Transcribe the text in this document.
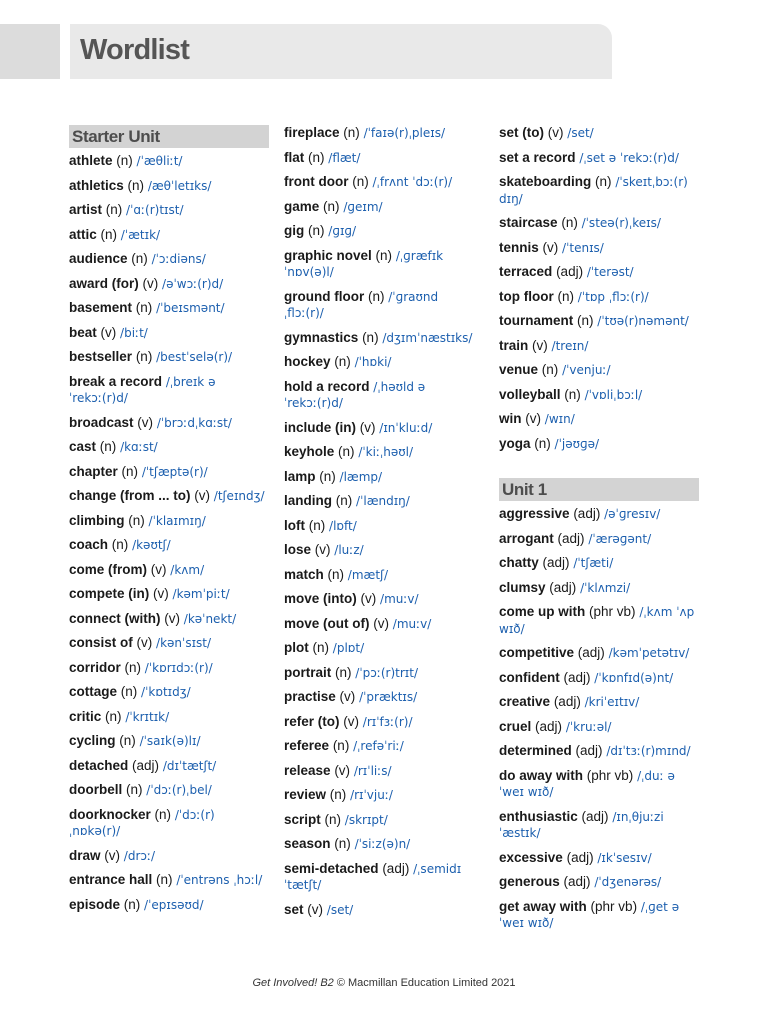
Wordlist
Starter Unit
athlete (n) /ˈæθliːt/
athletics (n) /æθˈletɪks/
artist (n) /ˈɑː(r)tɪst/
attic (n) /ˈætɪk/
audience (n) /ˈɔːdiəns/
award (for) (v) /əˈwɔː(r)d/
basement (n) /ˈbeɪsmənt/
beat (v) /biːt/
bestseller (n) /bestˈselə(r)/
break a record /ˌbreɪk ə ˈrekɔː(r)d/
broadcast (v) /ˈbrɔːdˌkɑːst/
cast (n) /kɑːst/
chapter (n) /ˈtʃæptə(r)/
change (from ... to) (v) /tʃeɪndʒ/
climbing (n) /ˈklaɪmɪŋ/
coach (n) /kəʊtʃ/
come (from) (v) /kʌm/
compete (in) (v) /kəmˈpiːt/
connect (with) (v) /kəˈnekt/
consist of (v) /kənˈsɪst/
corridor (n) /ˈkɒrɪdɔː(r)/
cottage (n) /ˈkɒtɪdʒ/
critic (n) /ˈkrɪtɪk/
cycling (n) /ˈsaɪk(ə)lɪ/
detached (adj) /dɪˈtætʃt/
doorbell (n) /ˈdɔː(r)ˌbel/
doorknocker (n) /ˈdɔː(r) ˌnɒkə(r)/
draw (v) /drɔː/
entrance hall (n) /ˈentrəns ˌhɔːl/
episode (n) /ˈepɪsəʊd/
fireplace (n) /ˈfaɪə(r)ˌpleɪs/
flat (n) /flæt/
front door (n) /ˌfrʌnt ˈdɔː(r)/
game (n) /ɡeɪm/
gig (n) /ɡɪɡ/
graphic novel (n) /ˌɡræfɪk ˈnɒv(ə)l/
ground floor (n) /ˈɡraʊnd ˌflɔː(r)/
gymnastics (n) /dʒɪmˈnæstɪks/
hockey (n) /ˈhɒki/
hold a record /ˌhəʊld ə ˈrekɔː(r)d/
include (in) (v) /ɪnˈkluːd/
keyhole (n) /ˈkiːˌhəʊl/
lamp (n) /læmp/
landing (n) /ˈlændɪŋ/
loft (n) /lɒft/
lose (v) /luːz/
match (n) /mætʃ/
move (into) (v) /muːv/
move (out of) (v) /muːv/
plot (n) /plɒt/
portrait (n) /ˈpɔː(r)trɪt/
practise (v) /ˈpræktɪs/
refer (to) (v) /rɪˈfɜː(r)/
referee (n) /ˌrefəˈriː/
release (v) /rɪˈliːs/
review (n) /rɪˈvjuː/
script (n) /skrɪpt/
season (n) /ˈsiːz(ə)n/
semi-detached (adj) /ˌsemidɪˈtætʃt/
set (v) /set/
set (to) (v) /set/
set a record /ˌset ə ˈrekɔː(r)d/
skateboarding (n) /ˈskeɪtˌbɔː(r) dɪŋ/
staircase (n) /ˈsteə(r)ˌkeɪs/
tennis (v) /ˈtenɪs/
terraced (adj) /ˈterəst/
top floor (n) /ˈtɒp ˌflɔː(r)/
tournament (n) /ˈtʊə(r)nəmənt/
train (v) /treɪn/
venue (n) /ˈvenjuː/
volleyball (n) /ˈvɒliˌbɔːl/
win (v) /wɪn/
yoga (n) /ˈjəʊɡə/
Unit 1
aggressive (adj) /əˈɡresɪv/
arrogant (adj) /ˈærəɡənt/
chatty (adj) /ˈtʃæti/
clumsy (adj) /ˈklʌmzi/
come up with (phr vb) /ˌkʌm ˈʌp wɪð/
competitive (adj) /kəmˈpetətɪv/
confident (adj) /ˈkɒnfɪd(ə)nt/
creative (adj) /kriˈeɪtɪv/
cruel (adj) /ˈkruːəl/
determined (adj) /dɪˈtɜː(r)mɪnd/
do away with (phr vb) /ˌduː əˈweɪ wɪð/
enthusiastic (adj) /ɪnˌθjuːziˈæstɪk/
excessive (adj) /ɪkˈsesɪv/
generous (adj) /ˈdʒenərəs/
get away with (phr vb) /ˌɡet əˈweɪ wɪð/
Get Involved! B2 © Macmillan Education Limited 2021
